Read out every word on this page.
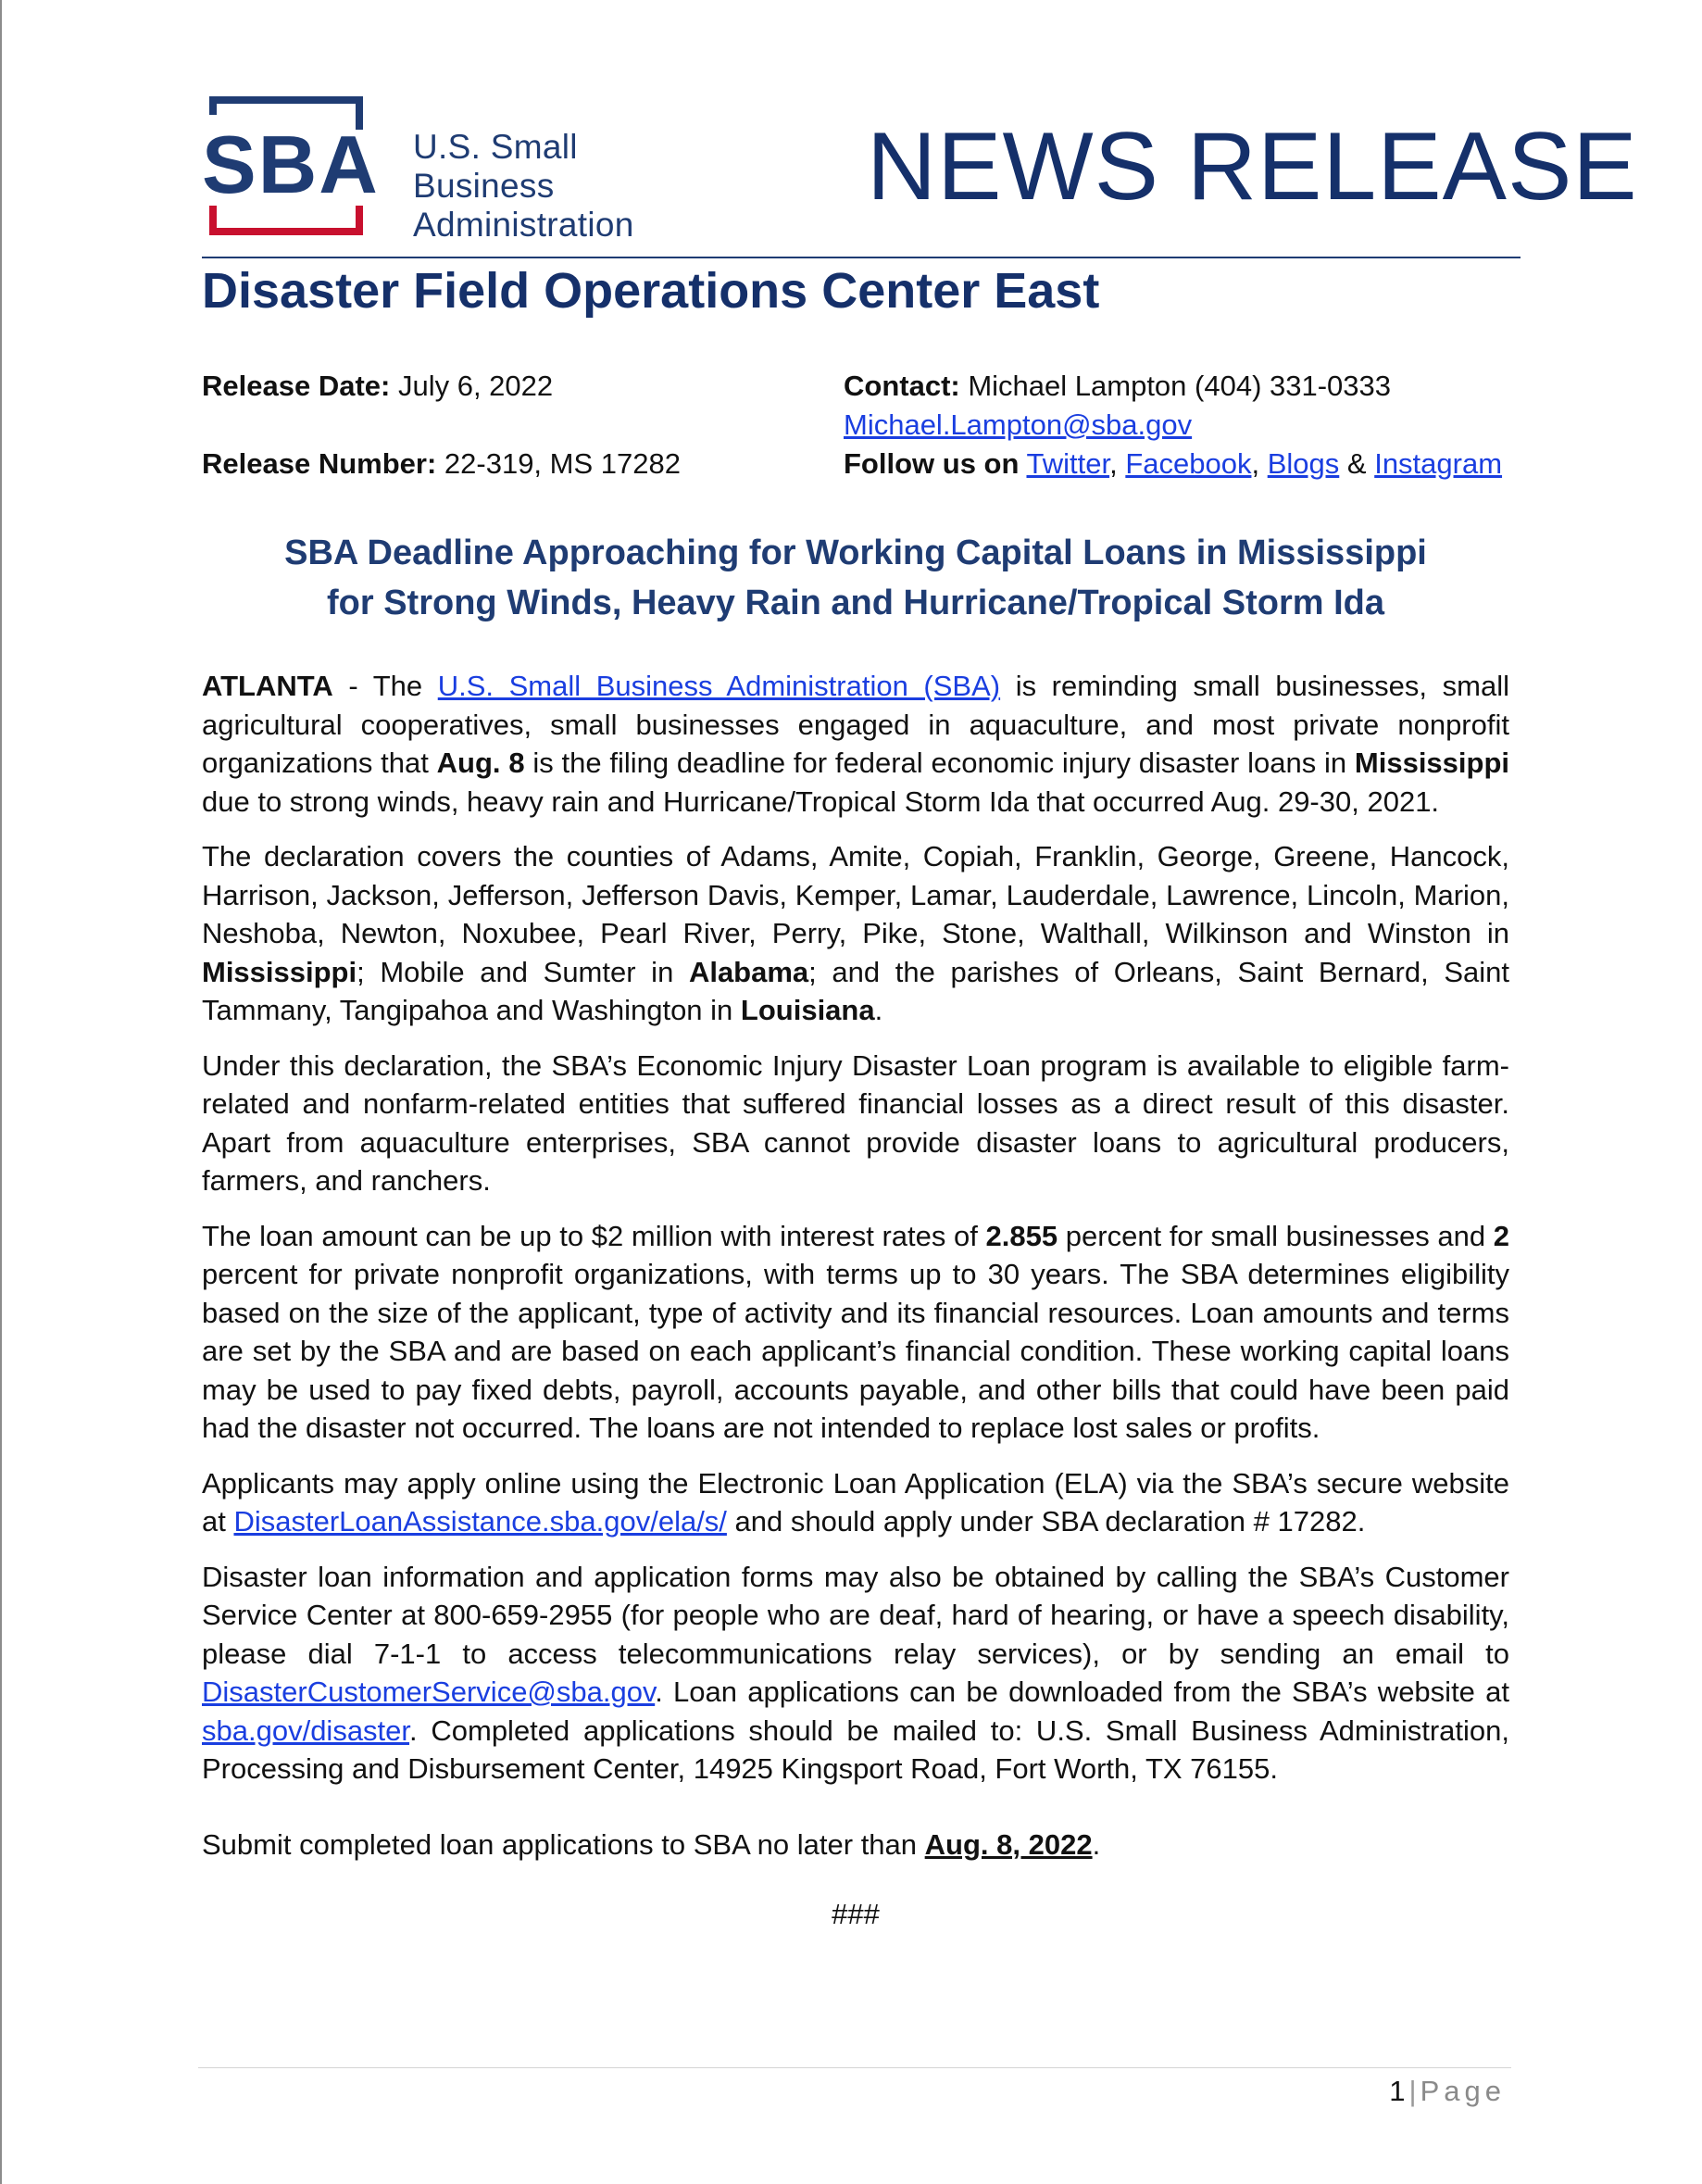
SBA U.S. Small Business
Administration
NEWS RELEASE
Disaster Field Operations Center East
Release Date: July 6, 2022
Release Number: 22-319, MS 17282
Contact: Michael Lampton (404) 331-0333
Michael.Lampton@sba.gov
Follow us on Twitter, Facebook, Blogs & Instagram
SBA Deadline Approaching for Working Capital Loans in Mississippi
for Strong Winds, Heavy Rain and Hurricane/Tropical Storm Ida

ATLANTA - The U.S. Small Business Administration (SBA) is reminding small businesses, small agricultural cooperatives, small businesses engaged in aquaculture, and most private nonprofit organizations that Aug. 8 is the filing deadline for federal economic injury disaster loans in Mississippi due to strong winds, heavy rain and Hurricane/Tropical Storm Ida that occurred Aug. 29-30, 2021.

The declaration covers the counties of Adams, Amite, Copiah, Franklin, George, Greene, Hancock, Harrison, Jackson, Jefferson, Jefferson Davis, Kemper, Lamar, Lauderdale, Lawrence, Lincoln, Marion, Neshoba, Newton, Noxubee, Pearl River, Perry, Pike, Stone, Walthall, Wilkinson and Winston in Mississippi; Mobile and Sumter in Alabama; and the parishes of Orleans, Saint Bernard, Saint Tammany, Tangipahoa and Washington in Louisiana.

Under this declaration, the SBA’s Economic Injury Disaster Loan program is available to eligible farm-related and nonfarm-related entities that suffered financial losses as a direct result of this disaster. Apart from aquaculture enterprises, SBA cannot provide disaster loans to agricultural producers, farmers, and ranchers.

The loan amount can be up to $2 million with interest rates of 2.855 percent for small businesses and 2 percent for private nonprofit organizations, with terms up to 30 years. The SBA determines eligibility based on the size of the applicant, type of activity and its financial resources. Loan amounts and terms are set by the SBA and are based on each applicant’s financial condition. These working capital loans may be used to pay fixed debts, payroll, accounts payable, and other bills that could have been paid had the disaster not occurred. The loans are not intended to replace lost sales or profits.

Applicants may apply online using the Electronic Loan Application (ELA) via the SBA’s secure website at DisasterLoanAssistance.sba.gov/ela/s/ and should apply under SBA declaration # 17282.

Disaster loan information and application forms may also be obtained by calling the SBA’s Customer Service Center at 800-659-2955 (for people who are deaf, hard of hearing, or have a speech disability, please dial 7-1-1 to access telecommunications relay services), or by sending an email to DisasterCustomerService@sba.gov. Loan applications can be downloaded from the SBA’s website at sba.gov/disaster. Completed applications should be mailed to: U.S. Small Business Administration, Processing and Disbursement Center, 14925 Kingsport Road, Fort Worth, TX 76155.

Submit completed loan applications to SBA no later than Aug. 8, 2022.

###

1 | Page
